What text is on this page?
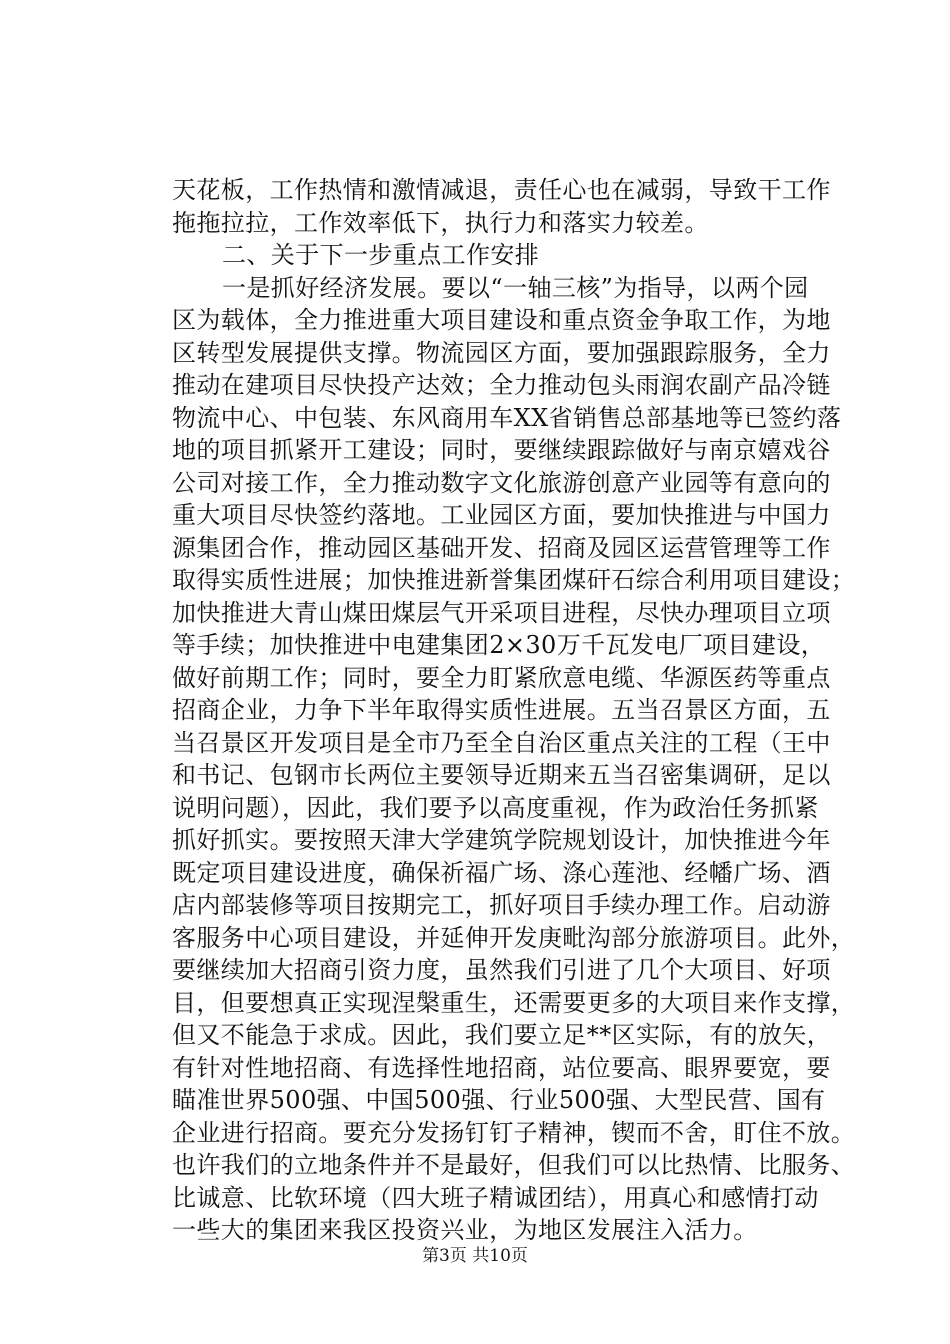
天花板，工作热情和激情减退，责任心也在减弱，导致干工作
拖拖拉拉，工作效率低下，执行力和落实力较差。
二、关于下一步重点工作安排
一是抓好经济发展。要以“一轴三核”为指导，以两个园
区为载体，全力推进重大项目建设和重点资金争取工作，为地
区转型发展提供支撑。物流园区方面，要加强跟踪服务，全力
推动在建项目尽快投产达效；全力推动包头雨润农副产品冷链
物流中心、中包装、东风商用车XX省销售总部基地等已签约落
地的项目抓紧开工建设；同时，要继续跟踪做好与南京嬉戏谷
公司对接工作，全力推动数字文化旅游创意产业园等有意向的
重大项目尽快签约落地。工业园区方面，要加快推进与中国力
源集团合作，推动园区基础开发、招商及园区运营管理等工作
取得实质性进展；加快推进新誉集团煤矸石综合利用项目建设；
加快推进大青山煤田煤层气开采项目进程，尽快办理项目立项
等手续；加快推进中电建集团2×30万千瓦发电厂项目建设，
做好前期工作；同时，要全力盯紧欣意电缆、华源医药等重点
招商企业，力争下半年取得实质性进展。五当召景区方面，五
当召景区开发项目是全市乃至全自治区重点关注的工程（王中
和书记、包钢市长两位主要领导近期来五当召密集调研，足以
说明问题），因此，我们要予以高度重视，作为政治任务抓紧
抓好抓实。要按照天津大学建筑学院规划设计，加快推进今年
既定项目建设进度，确保祈福广场、涤心莲池、经幡广场、酒
店内部装修等项目按期完工，抓好项目手续办理工作。启动游
客服务中心项目建设，并延伸开发庚毗沟部分旅游项目。此外，
要继续加大招商引资力度，虽然我们引进了几个大项目、好项
目，但要想真正实现涅槃重生，还需要更多的大项目来作支撑，
但又不能急于求成。因此，我们要立足**区实际，有的放矢，
有针对性地招商、有选择性地招商，站位要高、眼界要宽，要
瞄准世界500强、中国500强、行业500强、大型民营、国有
企业进行招商。要充分发扬钉钉子精神，锲而不舍，盯住不放。
也许我们的立地条件并不是最好，但我们可以比热情、比服务、
比诚意、比软环境（四大班子精诚团结），用真心和感情打动
一些大的集团来我区投资兴业，为地区发展注入活力。
第3页 共10页
